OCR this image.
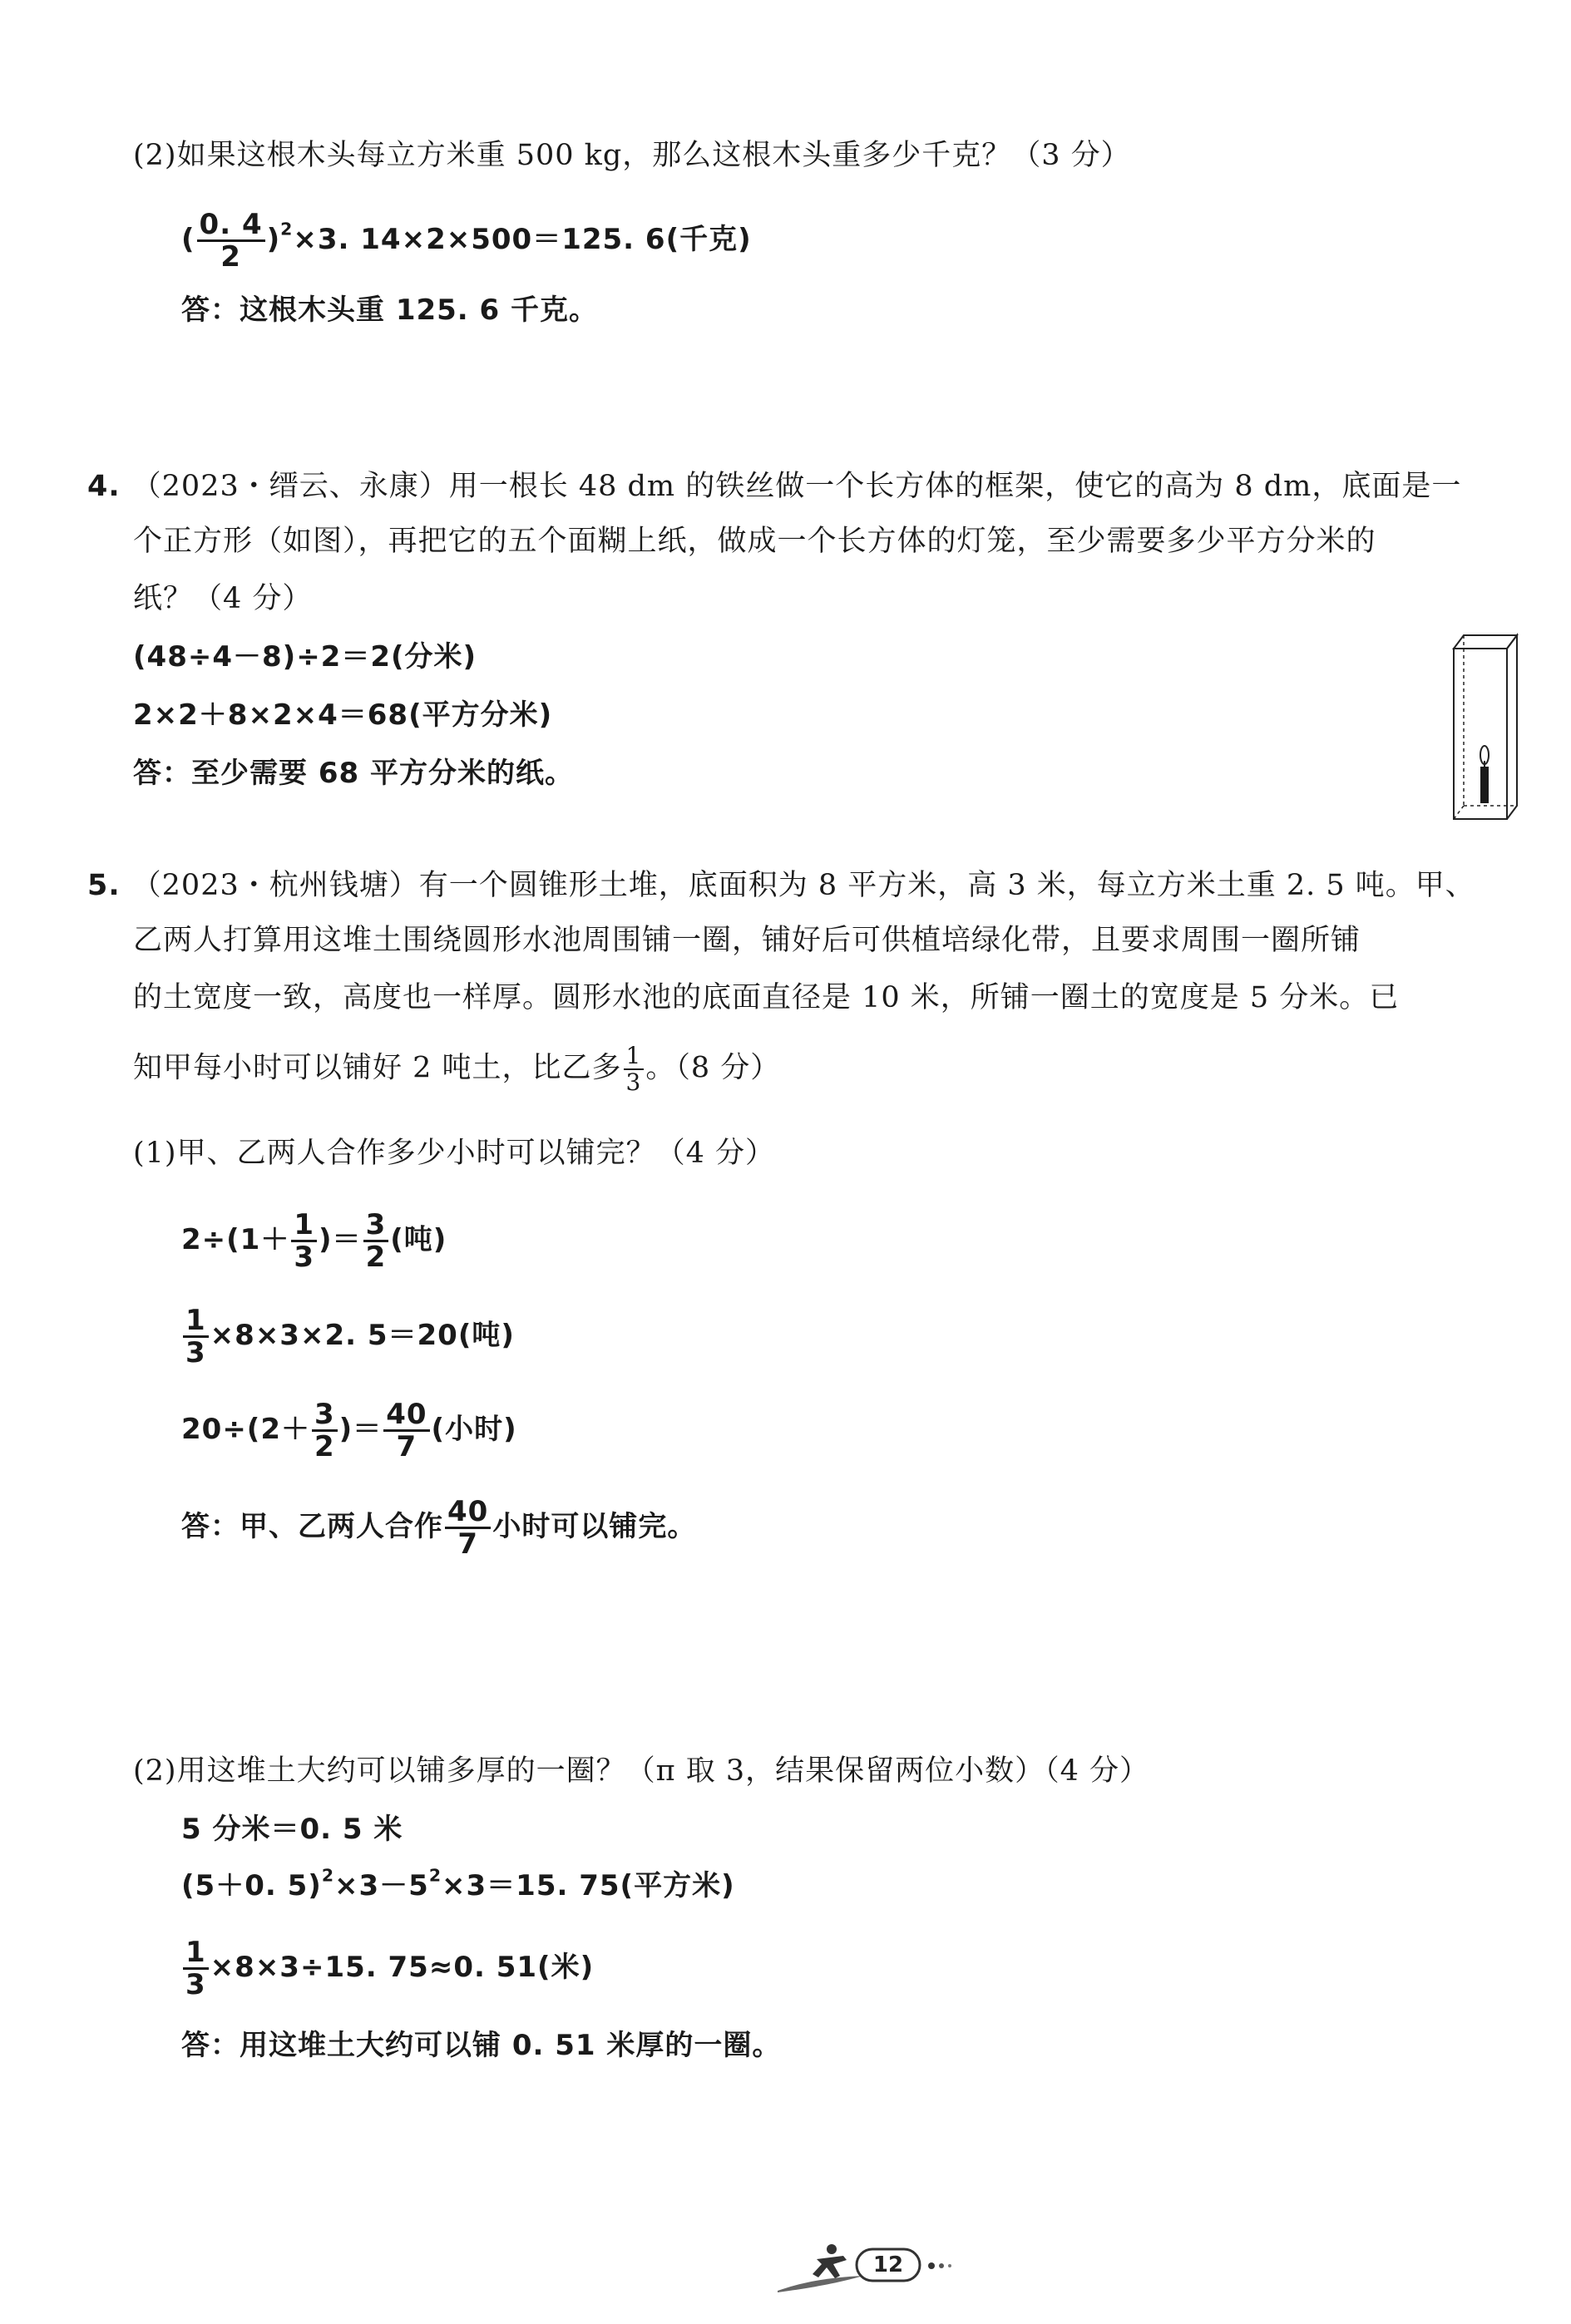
(2)如果这根木头每立方米重 500 kg，那么这根木头重多少千克？（3 分）
( $\frac{0. 4}{2} )^2\times 3$. 14×2×500＝125. 6(千克)
答：这根木头重 125. 6 千克。
4. （2023・缙云、永康）用一根长 48 dm 的铁丝做一个长方体的框架，使它的高为 8 dm，底面是一
个正方形（如图），再把它的五个面糊上纸，做成一个长方体的灯笼，至少需要多少平方分米的
纸？（4 分）
(48÷4－8)÷2＝2(分米)
2×2＋8×2×4＝68(平方分米)
答：至少需要 68 平方分米的纸。
5. （2023・杭州钱塘）有一个圆锥形土堆，底面积为 8 平方米，高 3 米，每立方米土重 2. 5 吨。甲、
乙两人打算用这堆土围绕圆形水池周围铺一圈，铺好后可供植培绿化带，且要求周围一圈所铺
的土宽度一致，高度也一样厚。圆形水池的底面直径是 10 米，所铺一圈土的宽度是 5 分米。已
知甲每小时可以铺好 2 吨土，比乙多 $\frac{1}{3}$ 。（8 分）
(1)甲、乙两人合作多少小时可以铺完？（4 分）
$2\div(1+ \frac{1}{3}$ )＝ $\frac{3}{2}$ (吨)
$\frac{1}{3} \times 8\times 3\times 2$. 5＝20(吨)
$20\div(2+ \frac{3}{2}$ )＝ $\frac{40}{7}$ (小时)
答：甲、乙两人合作 $\frac{40}{7}$ 小时可以铺完。
(2)用这堆土大约可以铺多厚的一圈？（π 取 3，结果保留两位小数）（4 分）
5 分米＝0. 5 米
(5＋0. $5)^2\times 3-5^2\times 3=15$. 75(平方米)
$\frac{1}{3} \times 8\times 3\div 15$. 75≈0. 51(米)
答：用这堆土大约可以铺 0. 51 米厚的一圈。
12
